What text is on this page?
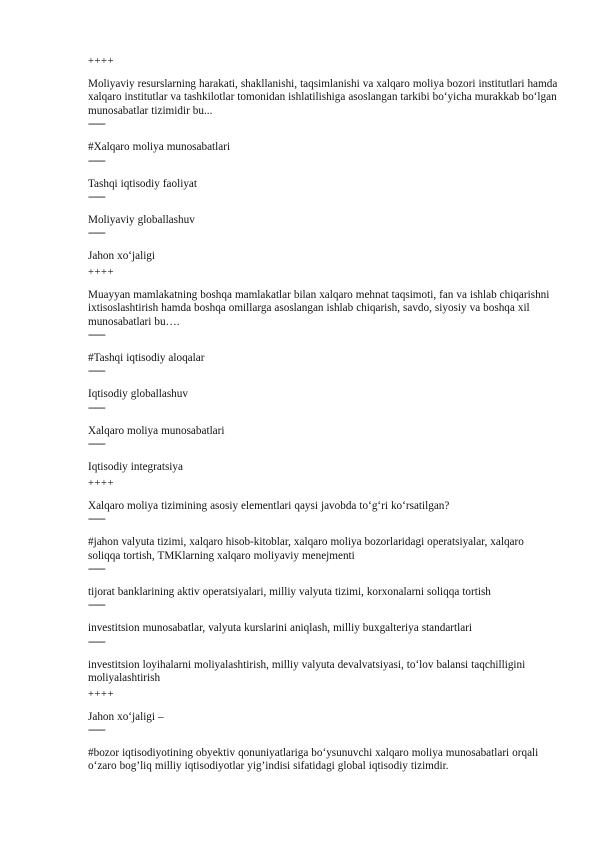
++++

Moliyaviy resurslarning harakati, shakllanishi, taqsimlanishi va xalqaro moliya bozori institutlari hamda xalqaro institutlar va tashkilotlar tomonidan ishlatilishiga asoslangan tarkibi bo‘yicha murakkab bo‘lgan munosabatlar tizimidir bu...

=====

#Xalqaro moliya munosabatlari

=====

Tashqi iqtisodiy faoliyat

=====

Moliyaviy globallashuv

=====

Jahon xo‘jaligi

++++

Muayyan mamlakatning boshqa mamlakatlar bilan xalqaro mehnat taqsimoti, fan va ishlab chiqarishni ixtisoslashtirish hamda boshqa omillarga asoslangan ishlab chiqarish, savdo, siyosiy va boshqa xil munosabatlari bu….

=====

#Tashqi iqtisodiy aloqalar

=====

Iqtisodiy globallashuv

=====

Xalqaro moliya munosabatlari

=====

Iqtisodiy integratsiya

++++

Xalqaro moliya tizimining asosiy elementlari qaysi javobda to‘g‘ri ko‘rsatilgan?

=====

#jahon valyuta tizimi, xalqaro hisob-kitoblar, xalqaro moliya bozorlaridagi operatsiyalar, xalqaro soliqqa tortish, TMKlarning xalqaro moliyaviy menejmenti

=====

tijorat banklarining aktiv operatsiyalari, milliy valyuta tizimi, korxonalarni soliqqa tortish

=====

investitsion munosabatlar, valyuta kurslarini aniqlash, milliy buxgalteriya standartlari

=====

investitsion loyihalarni moliyalashtirish, milliy valyuta devalvatsiyasi, to‘lov balansi taqchilligini moliyalashtirish

++++

Jahon xo‘jaligi –

=====

#bozor iqtisodiyotining obyektiv qonuniyatlariga bo‘ysunuvchi xalqaro moliya munosabatlari orqali o‘zaro bog’liq milliy iqtisodiyotlar yig’indisi sifatidagi global iqtisodiy tizimdir.
